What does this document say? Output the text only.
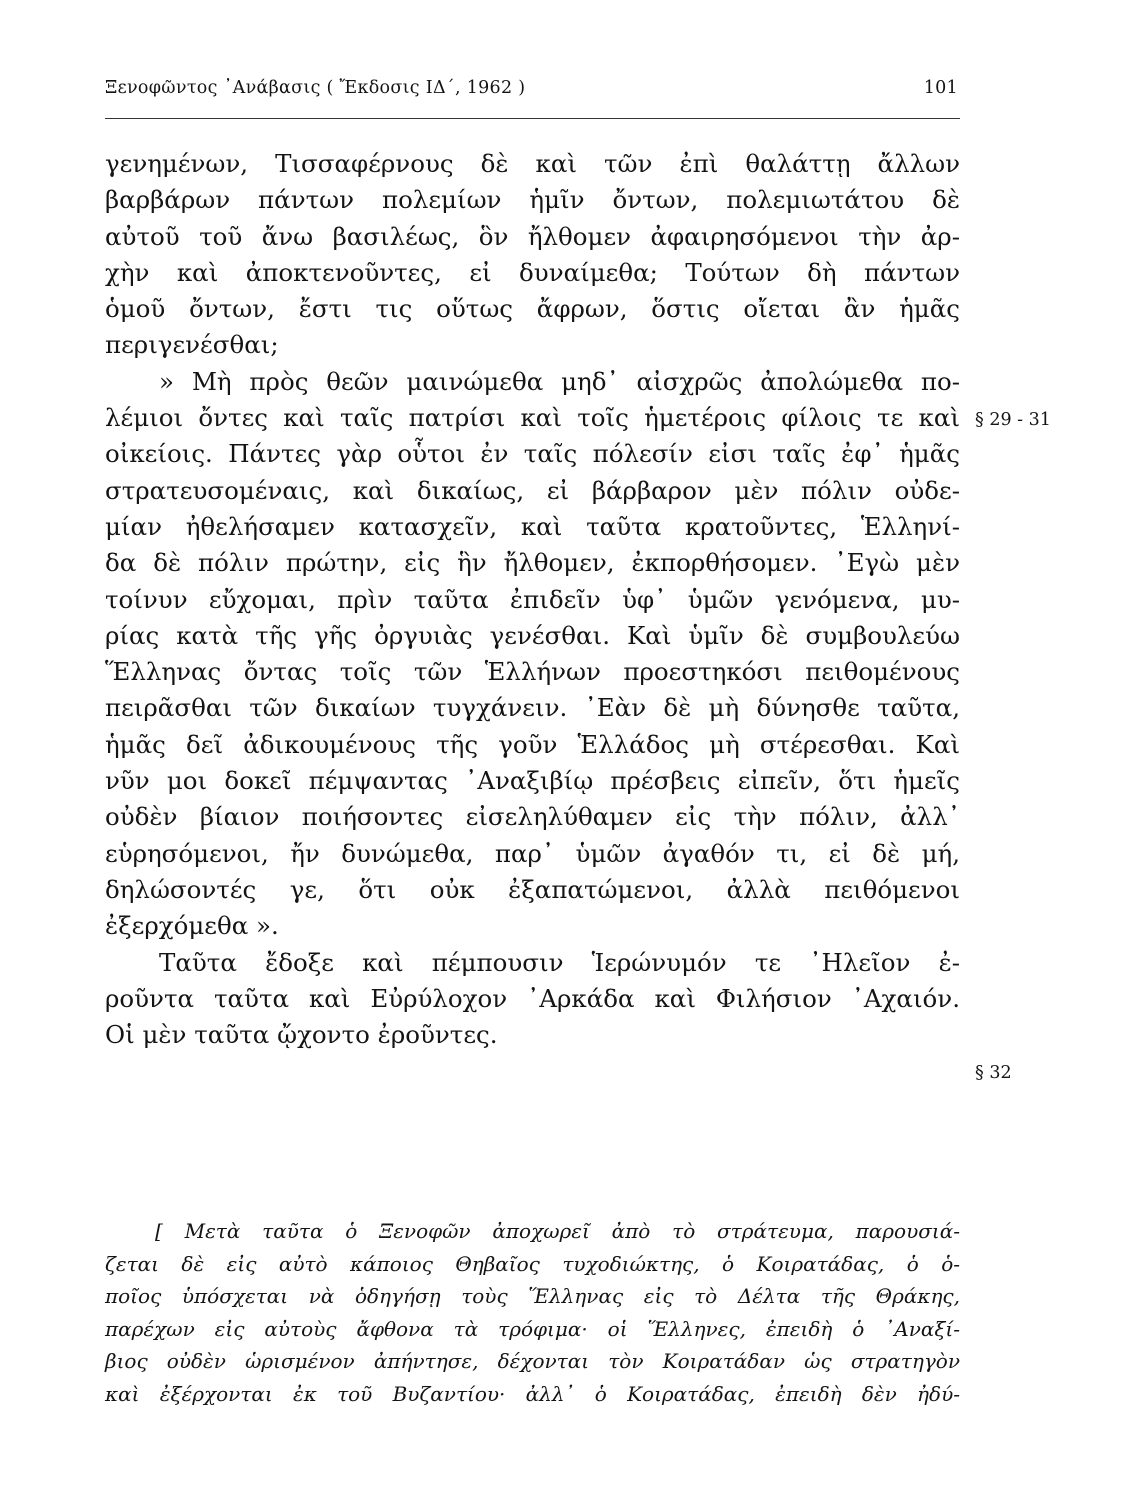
Ξενοφῶντος ᾿Ανάβασις ( Ἔκδοσις ΙΔ΄, 1962 )	101
γενημένων, Τισσαφέρνους δὲ καὶ τῶν ἐπὶ θαλάττῃ ἄλλων
βαρβάρων πάντων πολεμίων ἡμῖν ὄντων, πολεμιωτάτου δὲ
αὐτοῦ τοῦ ἄνω βασιλέως, ὃν ἤλθομεν ἀφαιρησόμενοι τὴν ἀρ-
χὴν καὶ ἀποκτενοῦντες, εἰ δυναίμεθα; Τούτων δὴ πάντων
ὁμοῦ ὄντων, ἔστι τις οὕτως ἄφρων, ὅστις οἴεται ἂν ἡμᾶς
περιγενέσθαι;
» Μὴ πρὸς θεῶν μαινώμεθα μηδ᾿ αἰσχρῶς ἀπολώμεθα πο-
λέμιοι ὄντες καὶ ταῖς πατρίσι καὶ τοῖς ἡμετέροις φίλοις τε καὶ
οἰκείοις. Πάντες γὰρ οὗτοι ἐν ταῖς πόλεσίν εἰσι ταῖς ἐφ᾿ ἡμᾶς
στρατευσομέναις, καὶ δικαίως, εἰ βάρβαρον μὲν πόλιν οὐδε-
μίαν ἠθελήσαμεν κατασχεῖν, καὶ ταῦτα κρατοῦντες, Ἑλληνί-
δα δὲ πόλιν πρώτην, εἰς ἣν ἤλθομεν, ἐκπορθήσομεν. ᾿Εγὼ μὲν
τοίνυν εὔχομαι, πρὶν ταῦτα ἐπιδεῖν ὑφ᾿ ὑμῶν γενόμενα, μυ-
ρίας κατὰ τῆς γῆς ὀργυιὰς γενέσθαι. Καὶ ὑμῖν δὲ συμβουλεύω
Ἕλληνας ὄντας τοῖς τῶν Ἑλλήνων προεστηκόσι πειθομένους
πειρᾶσθαι τῶν δικαίων τυγχάνειν. ᾿Εὰν δὲ μὴ δύνησθε ταῦτα,
ἡμᾶς δεῖ ἀδικουμένους τῆς γοῦν Ἑλλάδος μὴ στέρεσθαι. Καὶ
νῦν μοι δοκεῖ πέμψαντας ᾿Αναξιβίῳ πρέσβεις εἰπεῖν, ὅτι ἡμεῖς
οὐδὲν βίαιον ποιήσοντες εἰσεληλύθαμεν εἰς τὴν πόλιν, ἀλλ᾿
εὑρησόμενοι, ἤν δυνώμεθα, παρ᾿ ὑμῶν ἀγαθόν τι, εἰ δὲ μή,
δηλώσοντές γε, ὅτι οὐκ ἐξαπατώμενοι, ἀλλὰ πειθόμενοι
ἐξερχόμεθα ».
Ταῦτα ἔδοξε καὶ πέμπουσιν Ἱερώνυμόν τε ᾿Ηλεῖον ἐ-
ροῦντα ταῦτα καὶ Εὐρύλοχον ᾿Αρκάδα καὶ Φιλήσιον ᾿Αχαιόν.
Οἱ μὲν ταῦτα ᾤχοντο ἐροῦντες.
§ 29 - 31
§ 32
[ Μετὰ ταῦτα ὁ Ξενοφῶν ἀποχωρεῖ ἀπὸ τὸ στράτευμα, παρουσιά-
ζεται δὲ εἰς αὐτὸ κάποιος Θηβαῖος τυχοδιώκτης, ὁ Κοιρατάδας, ὁ ὁ-
ποῖος ὑπόσχεται νὰ ὁδηγήσῃ τοὺς Ἕλληνας εἰς τὸ Δέλτα τῆς Θράκης,
παρέχων εἰς αὐτοὺς ἄφθονα τὰ τρόφιμα· οἱ Ἕλληνες, ἐπειδὴ ὁ ᾿Αναξί-
βιος οὐδὲν ὡρισμένον ἀπήντησε, δέχονται τὸν Κοιρατάδαν ὡς στρατηγὸν
καὶ ἐξέρχονται ἐκ τοῦ Βυζαντίου· ἀλλ᾿ ὁ Κοιρατάδας, ἐπειδὴ δὲν ἠδύ-
